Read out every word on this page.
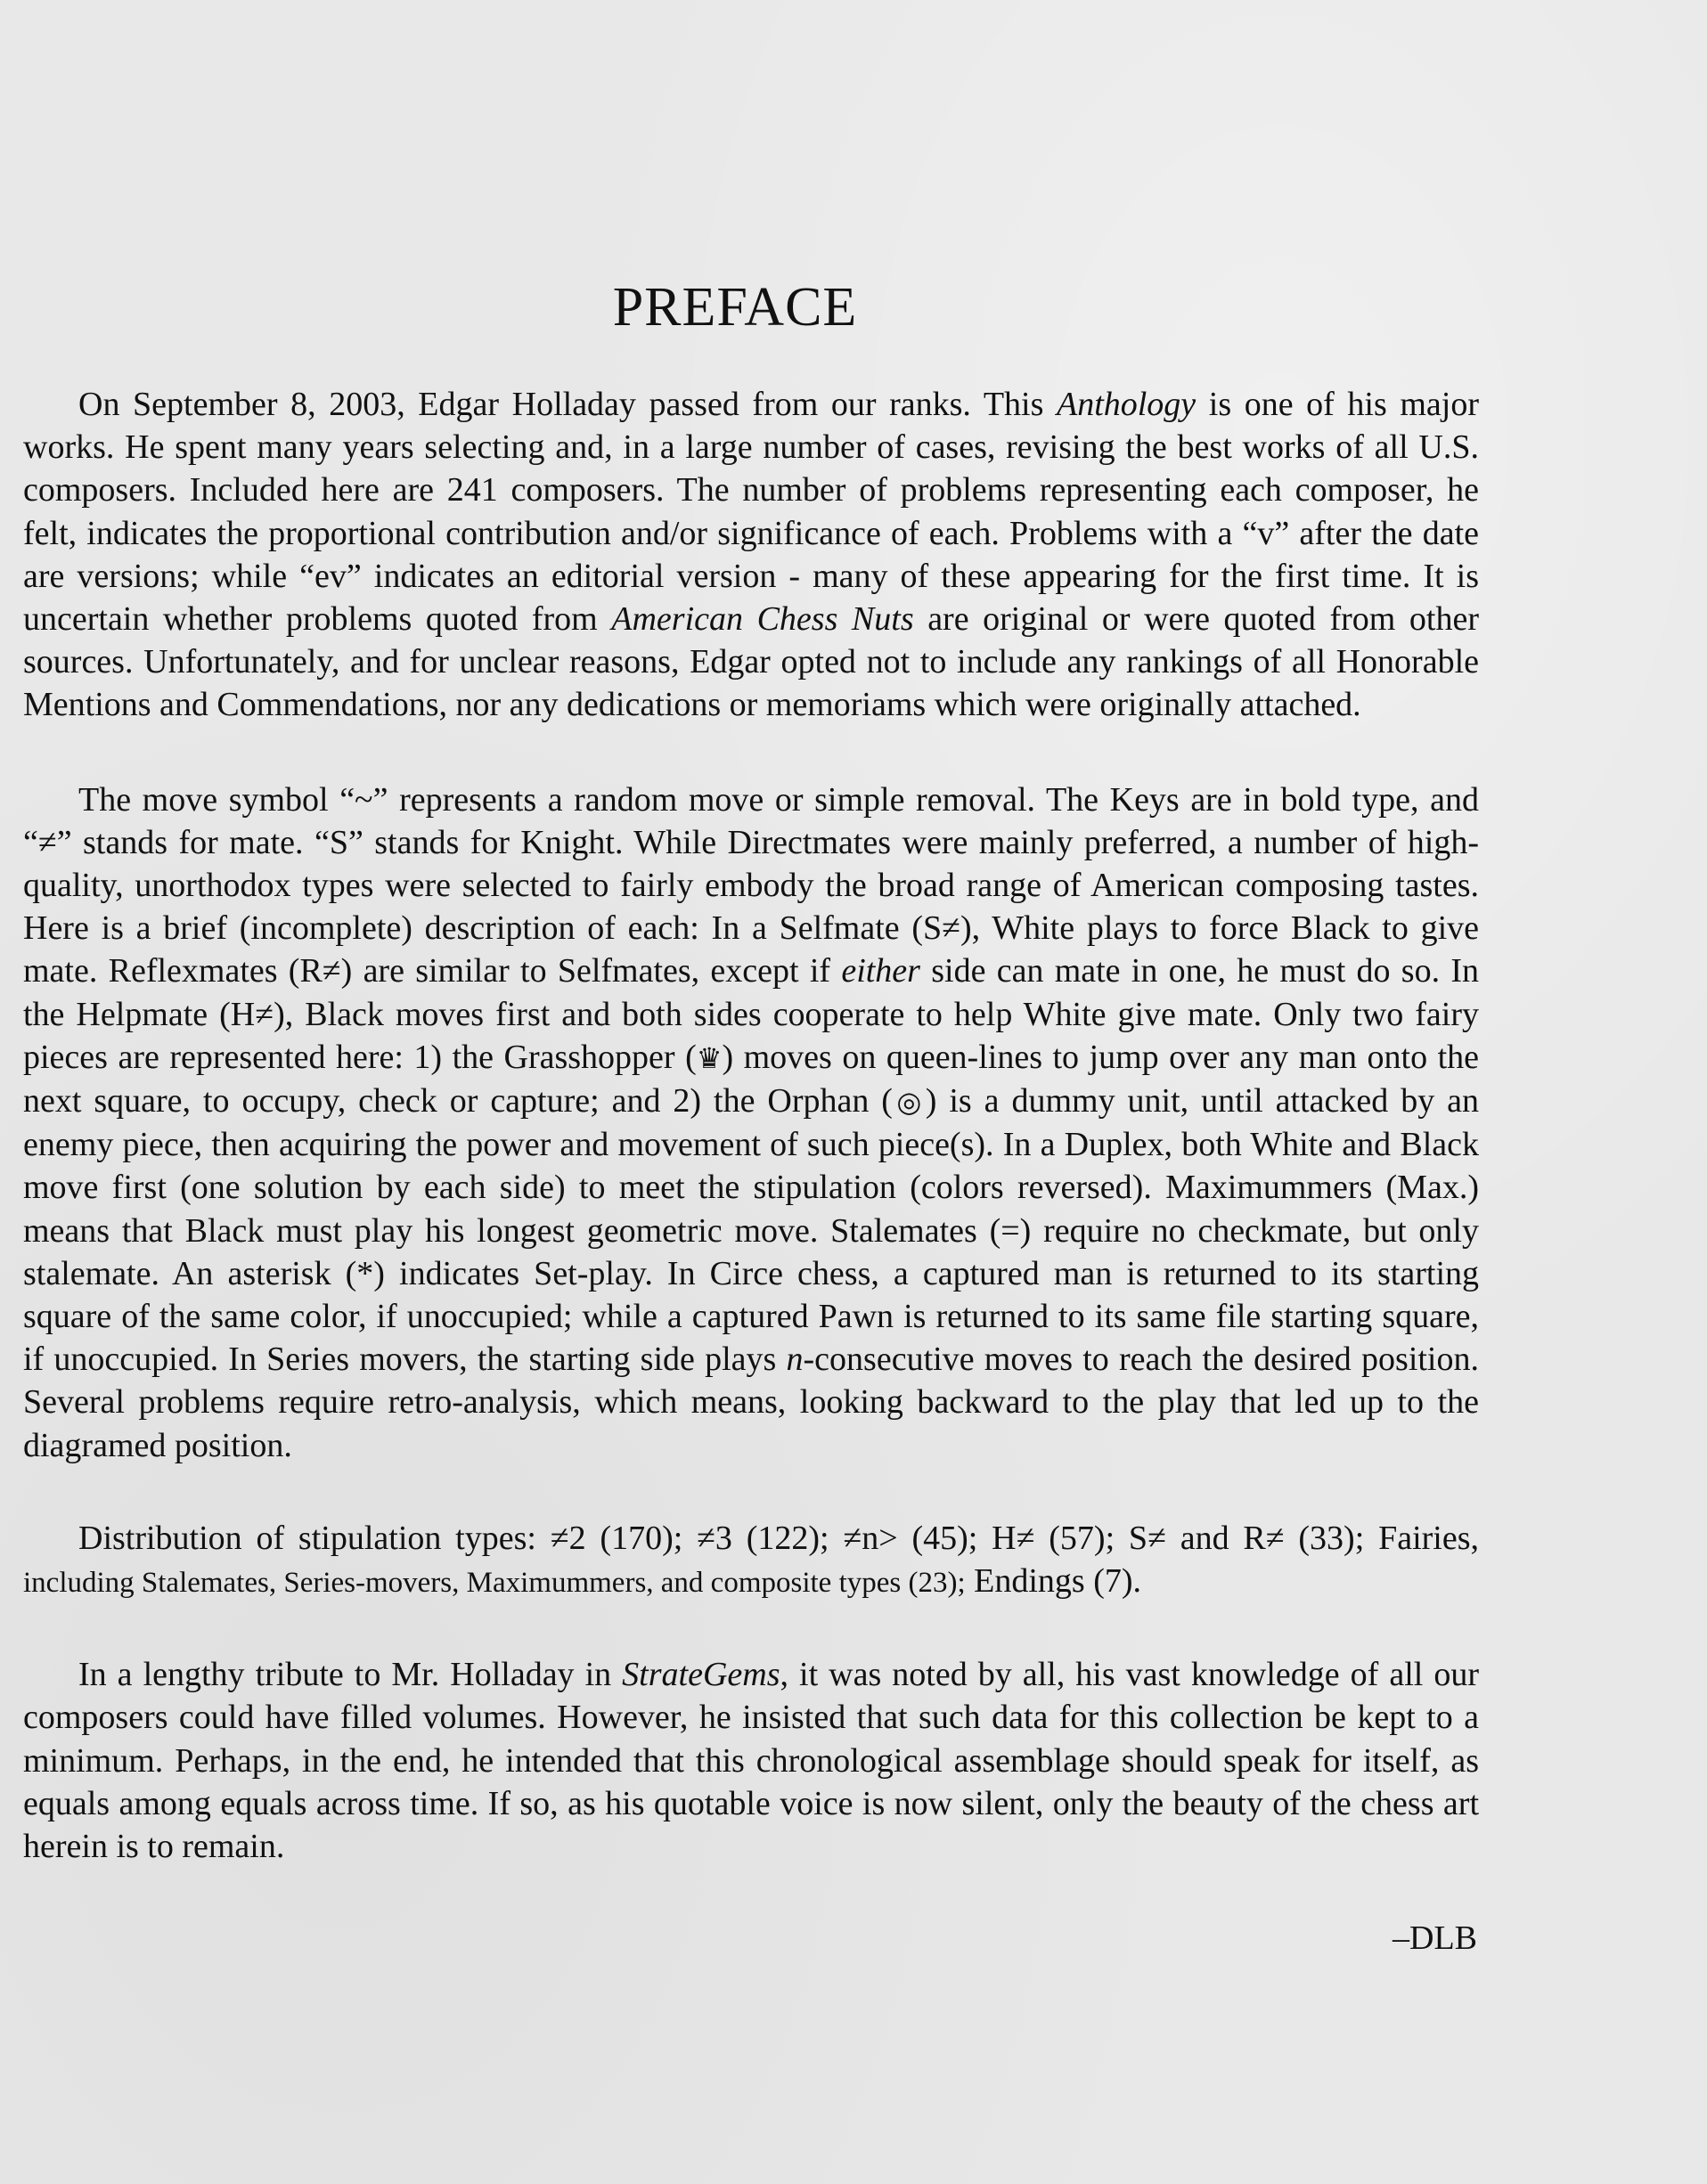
PREFACE

On September 8, 2003, Edgar Holladay passed from our ranks. This Anthology is one of his major works. He spent many years selecting and, in a large number of cases, revising the best works of all U.S. composers. Included here are 241 composers. The number of problems representing each composer, he felt, indicates the proportional contribution and/or significance of each. Problems with a “v” after the date are versions; while “ev” indicates an editorial version - many of these appearing for the first time. It is uncertain whether problems quoted from American Chess Nuts are original or were quoted from other sources. Unfortunately, and for unclear reasons, Edgar opted not to include any rankings of all Honorable Mentions and Commendations, nor any dedications or memoriams which were originally attached.

The move symbol “~” represents a random move or simple removal. The Keys are in bold type, and “≠” stands for mate. “S” stands for Knight. While Directmates were mainly preferred, a number of high-quality, unorthodox types were selected to fairly embody the broad range of American composing tastes. Here is a brief (incomplete) description of each: In a Selfmate (S≠), White plays to force Black to give mate. Reflexmates (R≠) are similar to Selfmates, except if either side can mate in one, he must do so. In the Helpmate (H≠), Black moves first and both sides cooperate to help White give mate. Only two fairy pieces are represented here: 1) the Grasshopper (♛) moves on queen-lines to jump over any man onto the next square, to occupy, check or capture; and 2) the Orphan (◎) is a dummy unit, until attacked by an enemy piece, then acquiring the power and movement of such piece(s). In a Duplex, both White and Black move first (one solution by each side) to meet the stipulation (colors reversed). Maximummers (Max.) means that Black must play his longest geometric move. Stalemates (=) require no checkmate, but only stalemate. An asterisk (*) indicates Set-play. In Circe chess, a captured man is returned to its starting square of the same color, if unoccupied; while a captured Pawn is returned to its same file starting square, if unoccupied. In Series movers, the starting side plays n-consecutive moves to reach the desired position. Several problems require retro-analysis, which means, looking backward to the play that led up to the diagramed position.

Distribution of stipulation types: ≠2 (170); ≠3 (122); ≠n> (45); H≠ (57); S≠ and R≠ (33); Fairies, including Stalemates, Series-movers, Maximummers, and composite types (23); Endings (7).

In a lengthy tribute to Mr. Holladay in StrateGems, it was noted by all, his vast knowledge of all our composers could have filled volumes. However, he insisted that such data for this collection be kept to a minimum. Perhaps, in the end, he intended that this chronological assemblage should speak for itself, as equals among equals across time. If so, as his quotable voice is now silent, only the beauty of the chess art herein is to remain.

–DLB
